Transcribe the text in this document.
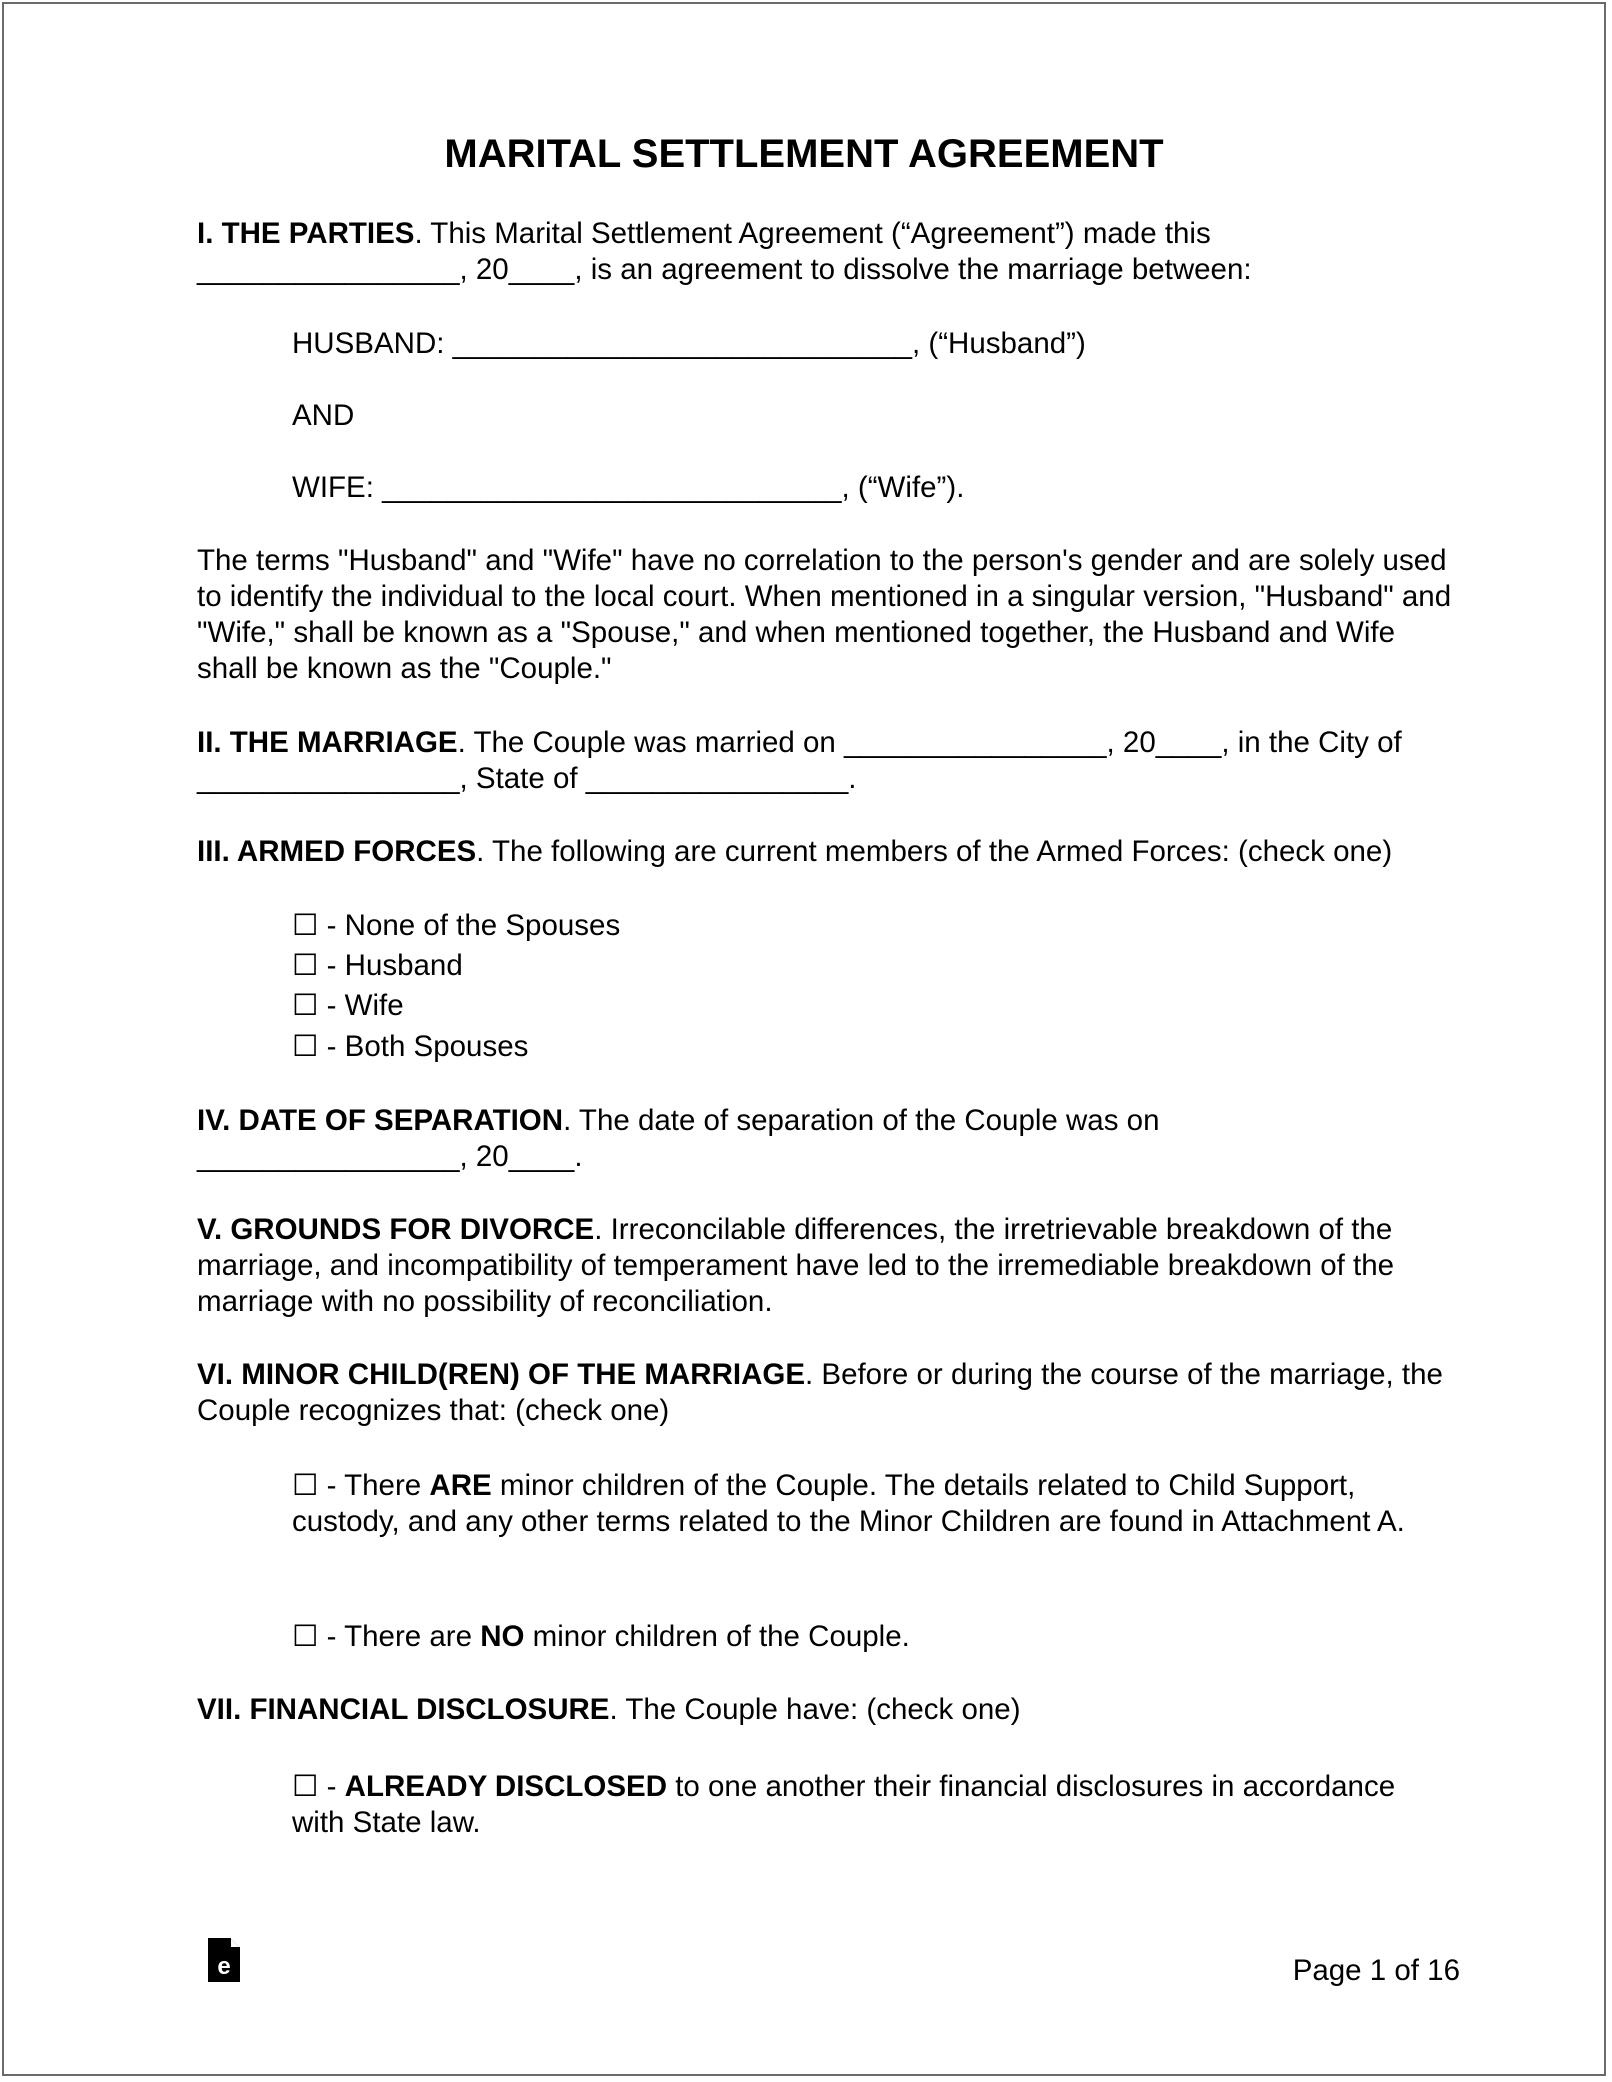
MARITAL SETTLEMENT AGREEMENT

I. THE PARTIES. This Marital Settlement Agreement (“Agreement”) made this
________________, 20____, is an agreement to dissolve the marriage between:

HUSBAND: ____________________________, (“Husband”)

AND

WIFE: ____________________________, (“Wife”).

The terms "Husband" and "Wife" have no correlation to the person's gender and are solely used to identify the individual to the local court. When mentioned in a singular version, "Husband" and "Wife," shall be known as a "Spouse," and when mentioned together, the Husband and Wife shall be known as the "Couple."

II. THE MARRIAGE. The Couple was married on ________________, 20____, in the City of ________________, State of ________________.

III. ARMED FORCES. The following are current members of the Armed Forces: (check one)

☐ - None of the Spouses

☐ - Husband

☐ - Wife

☐ - Both Spouses

IV. DATE OF SEPARATION. The date of separation of the Couple was on ________________, 20____.

V. GROUNDS FOR DIVORCE. Irreconcilable differences, the irretrievable breakdown of the marriage, and incompatibility of temperament have led to the irremediable breakdown of the marriage with no possibility of reconciliation.

VI. MINOR CHILD(REN) OF THE MARRIAGE. Before or during the course of the marriage, the Couple recognizes that: (check one)

☐ - There ARE minor children of the Couple. The details related to Child Support, custody, and any other terms related to the Minor Children are found in Attachment A.

☐ - There are NO minor children of the Couple.

VII. FINANCIAL DISCLOSURE. The Couple have: (check one)

☐ - ALREADY DISCLOSED to one another their financial disclosures in accordance with State law.

e	Page 1 of 16
